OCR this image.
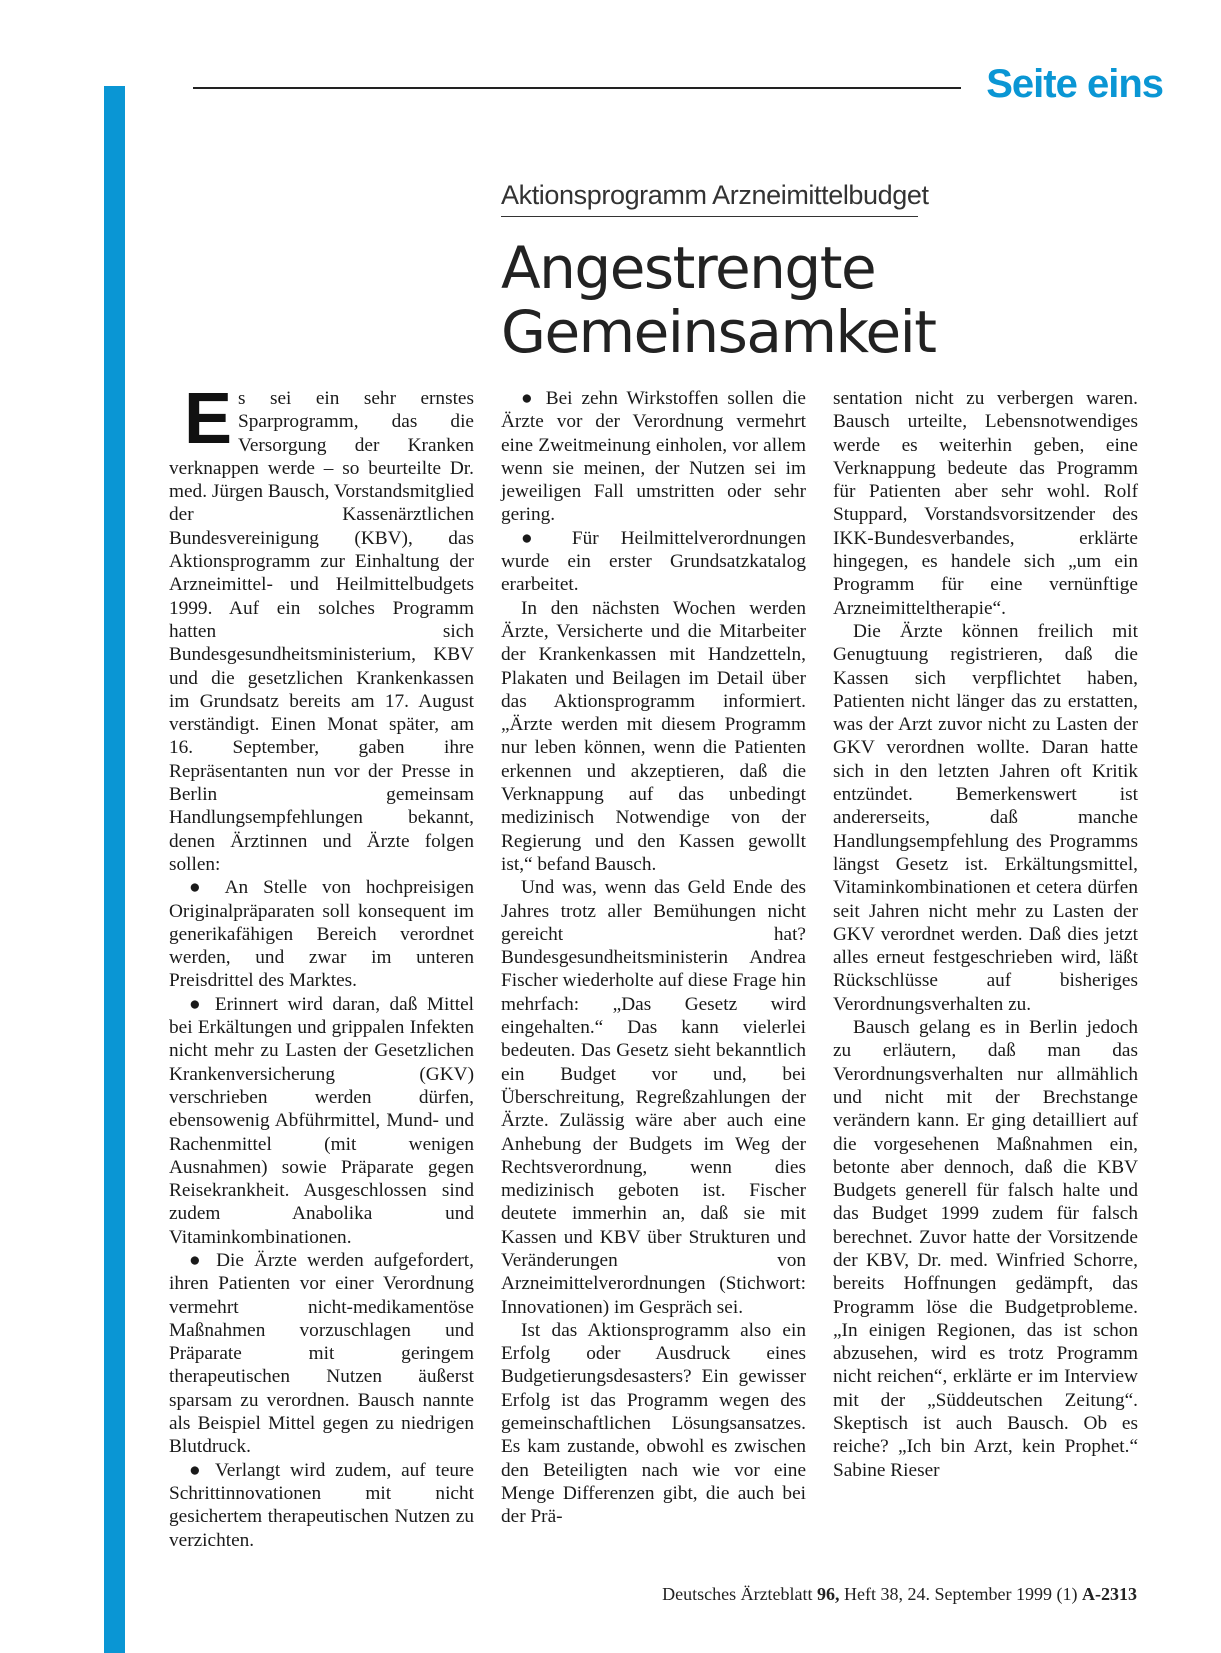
Seite eins
Aktionsprogramm Arzneimittelbudget
Angestrengte
Gemeinsamkeit

Es sei ein sehr ernstes Sparprogramm, das die Versorgung der Kranken verknappen werde – so beurteilte Dr. med. Jürgen Bausch, Vorstandsmitglied der Kassenärztlichen Bundesvereinigung (KBV), das Aktionsprogramm zur Einhaltung der Arzneimittel- und Heilmittelbudgets 1999. Auf ein solches Programm hatten sich Bundesgesundheitsministerium, KBV und die gesetzlichen Krankenkassen im Grundsatz bereits am 17. August verständigt. Einen Monat später, am 16. September, gaben ihre Repräsentanten nun vor der Presse in Berlin gemeinsam Handlungsempfehlungen bekannt, denen Ärztinnen und Ärzte folgen sollen:

● An Stelle von hochpreisigen Originalpräparaten soll konsequent im generikafähigen Bereich verordnet werden, und zwar im unteren Preisdrittel des Marktes.

● Erinnert wird daran, daß Mittel bei Erkältungen und grippalen Infekten nicht mehr zu Lasten der Gesetzlichen Krankenversicherung (GKV) verschrieben werden dürfen, ebensowenig Abführmittel, Mund- und Rachenmittel (mit wenigen Ausnahmen) sowie Präparate gegen Reisekrankheit. Ausgeschlossen sind zudem Anabolika und Vitaminkombinationen.

● Die Ärzte werden aufgefordert, ihren Patienten vor einer Verordnung vermehrt nicht-medikamentöse Maßnahmen vorzuschlagen und Präparate mit geringem therapeutischen Nutzen äußerst sparsam zu verordnen. Bausch nannte als Beispiel Mittel gegen zu niedrigen Blutdruck.

● Verlangt wird zudem, auf teure Schrittinnovationen mit nicht gesichertem therapeutischen Nutzen zu verzichten.

● Bei zehn Wirkstoffen sollen die Ärzte vor der Verordnung vermehrt eine Zweitmeinung einholen, vor allem wenn sie meinen, der Nutzen sei im jeweiligen Fall umstritten oder sehr gering.

● Für Heilmittelverordnungen wurde ein erster Grundsatzkatalog erarbeitet.

In den nächsten Wochen werden Ärzte, Versicherte und die Mitarbeiter der Krankenkassen mit Handzetteln, Plakaten und Beilagen im Detail über das Aktionsprogramm informiert. „Ärzte werden mit diesem Programm nur leben können, wenn die Patienten erkennen und akzeptieren, daß die Verknappung auf das unbedingt medizinisch Notwendige von der Regierung und den Kassen gewollt ist,“ befand Bausch.

Und was, wenn das Geld Ende des Jahres trotz aller Bemühungen nicht gereicht hat? Bundesgesundheitsministerin Andrea Fischer wiederholte auf diese Frage hin mehrfach: „Das Gesetz wird eingehalten.“ Das kann vielerlei bedeuten. Das Gesetz sieht bekanntlich ein Budget vor und, bei Überschreitung, Regreßzahlungen der Ärzte. Zulässig wäre aber auch eine Anhebung der Budgets im Weg der Rechtsverordnung, wenn dies medizinisch geboten ist. Fischer deutete immerhin an, daß sie mit Kassen und KBV über Strukturen und Veränderungen von Arzneimittelverordnungen (Stichwort: Innovationen) im Gespräch sei.

Ist das Aktionsprogramm also ein Erfolg oder Ausdruck eines Budgetierungsdesasters? Ein gewisser Erfolg ist das Programm wegen des gemeinschaftlichen Lösungsansatzes. Es kam zustande, obwohl es zwischen den Beteiligten nach wie vor eine Menge Differenzen gibt, die auch bei der Prä-

sentation nicht zu verbergen waren. Bausch urteilte, Lebensnotwendiges werde es weiterhin geben, eine Verknappung bedeute das Programm für Patienten aber sehr wohl. Rolf Stuppard, Vorstandsvorsitzender des IKK-Bundesverbandes, erklärte hingegen, es handele sich „um ein Programm für eine vernünftige Arzneimitteltherapie“.

Die Ärzte können freilich mit Genugtuung registrieren, daß die Kassen sich verpflichtet haben, Patienten nicht länger das zu erstatten, was der Arzt zuvor nicht zu Lasten der GKV verordnen wollte. Daran hatte sich in den letzten Jahren oft Kritik entzündet. Bemerkenswert ist andererseits, daß manche Handlungsempfehlung des Programms längst Gesetz ist. Erkältungsmittel, Vitaminkombinationen et cetera dürfen seit Jahren nicht mehr zu Lasten der GKV verordnet werden. Daß dies jetzt alles erneut festgeschrieben wird, läßt Rückschlüsse auf bisheriges Verordnungsverhalten zu.

Bausch gelang es in Berlin jedoch zu erläutern, daß man das Verordnungsverhalten nur allmählich und nicht mit der Brechstange verändern kann. Er ging detailliert auf die vorgesehenen Maßnahmen ein, betonte aber dennoch, daß die KBV Budgets generell für falsch halte und das Budget 1999 zudem für falsch berechnet. Zuvor hatte der Vorsitzende der KBV, Dr. med. Winfried Schorre, bereits Hoffnungen gedämpft, das Programm löse die Budgetprobleme. „In einigen Regionen, das ist schon abzusehen, wird es trotz Programm nicht reichen“, erklärte er im Interview mit der „Süddeutschen Zeitung“. Skeptisch ist auch Bausch. Ob es reiche? „Ich bin Arzt, kein Prophet.“ Sabine Rieser

Deutsches Ärzteblatt 96, Heft 38, 24. September 1999 (1) A-2313
